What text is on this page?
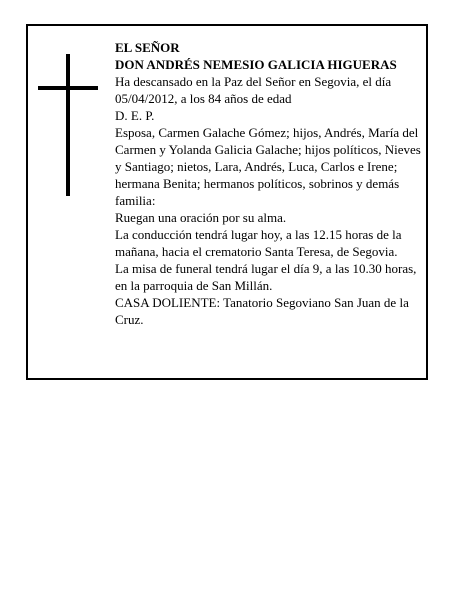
EL SEÑOR

DON ANDRÉS NEMESIO GALICIA HIGUERAS

Ha descansado en la Paz del Señor en Segovia, el día 05/04/2012, a los 84 años de edad

D. E. P.

Esposa, Carmen Galache Gómez; hijos, Andrés, María del Carmen y Yolanda Galicia Galache; hijos políticos, Nieves y Santiago; nietos, Lara, Andrés, Luca, Carlos e Irene; hermana Benita; hermanos políticos, sobrinos y demás familia:

Ruegan una oración por su alma.

La conducción tendrá lugar hoy, a las 12.15 horas de la mañana, hacia el crematorio Santa Teresa, de Segovia.

La misa de funeral tendrá lugar el día 9, a las 10.30 horas, en la parroquia de San Millán.

CASA DOLIENTE: Tanatorio Segoviano San Juan de la Cruz.
